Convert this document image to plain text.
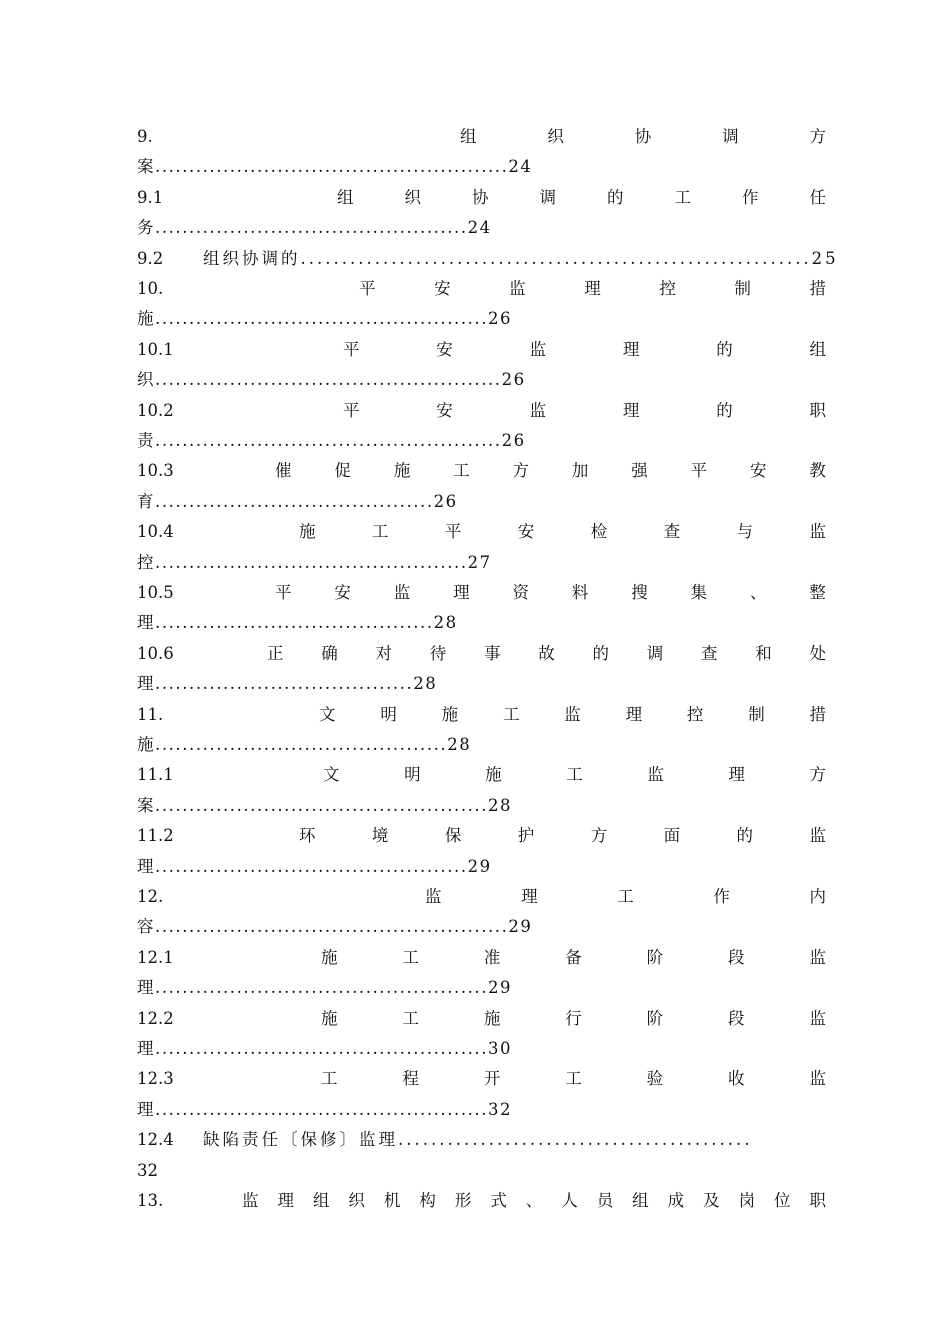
9.	组	织	协	调	方
案....................................................24
9.1	组	织	协	调	的	工	作	任
务..............................................24
9.2	组织协调的..............................................................25
10.	平	安	监	理	控	制	措
施.................................................26
10.1	平	安	监	理	的	组
织...................................................26
10.2	平	安	监	理	的	职
责...................................................26
10.3	催	促	施	工	方	加	强	平	安	教
育.........................................26
10.4	施	工	平	安	检	查	与	监
控..............................................27
10.5	平	安	监	理	资	料	搜	集	、	整
理.........................................28
10.6	正 确 对 待 事 故 的 调 查 和 处
理......................................28
11.	文	明	施	工	监	理	控	制	措
施...........................................28
11.1	文	明	施	工	监	理	方
案.................................................28
11.2	环	境	保	护	方	面	的	监
理..............................................29
12.	监	理	工	作	内
容....................................................29
12.1	施	工	准	备	阶	段	监
理.................................................29
12.2	施	工	施	行	阶	段	监
理.................................................30
12.3	工	程	开	工	验	收	监
理.................................................32
12.4	缺陷责任〔保修〕监理...........................................
32
13.	监 理 组 织 机 构 形 式 、 人 员 组 成 及 岗 位 职
